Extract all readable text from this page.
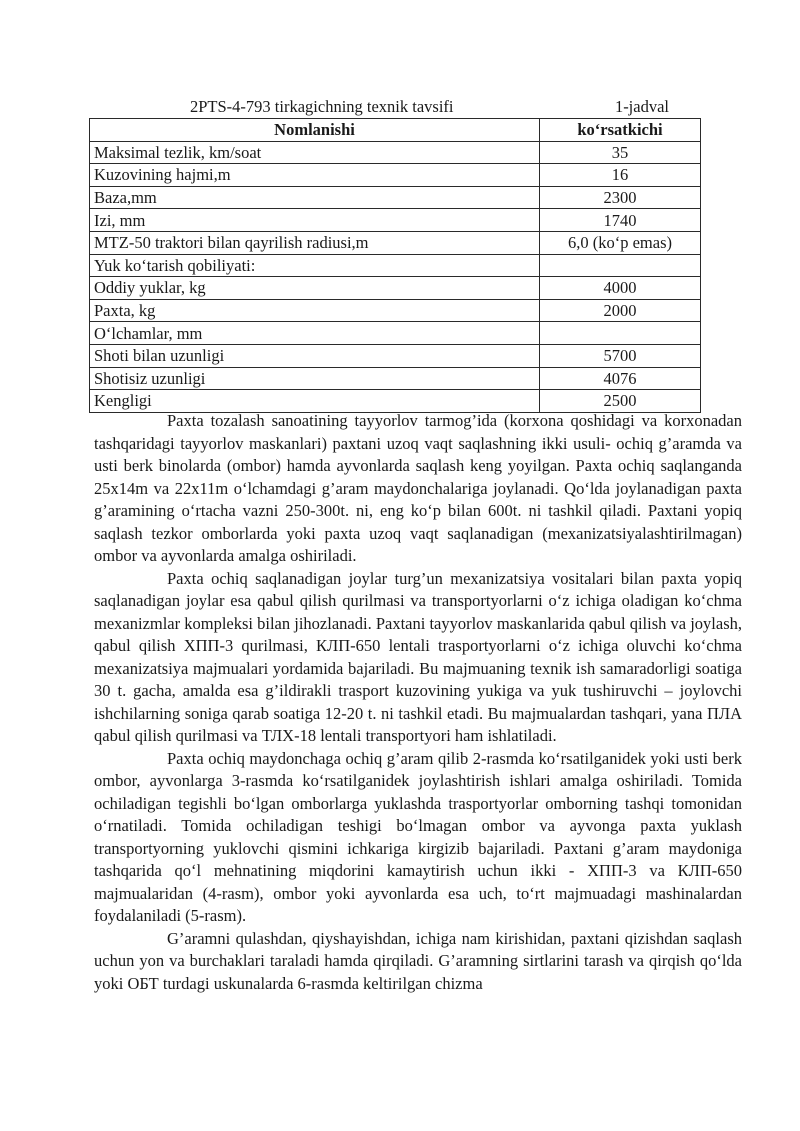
2PTS-4-793 tirkagichning texnik tavsifi	1-jadval
Nomlanishi	koʻrsatkichi
Maksimal tezlik, km/soat	35
Kuzovining hajmi,m	16
Baza,mm	2300
Izi, mm	1740
MTZ-50 traktori bilan qayrilish radiusi,m	6,0 (koʻp emas)
Yuk koʻtarish qobiliyati:	
Oddiy yuklar, kg	4000
Paxta, kg	2000
Oʻlchamlar, mm	
Shoti bilan uzunligi	5700
Shotisiz uzunligi	4076
Kengligi	2500

Paxta tozalash sanoatining tayyorlov tarmog’ida (korxona qoshidagi va korxonadan tashqaridagi tayyorlov maskanlari) paxtani uzoq vaqt saqlashning ikki usuli- ochiq g’aramda va usti berk binolarda (ombor) hamda ayvonlarda saqlash keng yoyilgan. Paxta ochiq saqlanganda 25x14m va 22x11m oʻlchamdagi g’aram maydonchalariga joylanadi. Qoʻlda joylanadigan paxta g’aramining oʻrtacha vazni 250-300t. ni, eng koʻp bilan 600t. ni tashkil qiladi. Paxtani yopiq saqlash tezkor omborlarda yoki paxta uzoq vaqt saqlanadigan (mexanizatsiyalashtirilmagan) ombor va ayvonlarda amalga oshiriladi.

Paxta ochiq saqlanadigan joylar turg’un mexanizatsiya vositalari bilan paxta yopiq saqlanadigan joylar esa qabul qilish qurilmasi va transportyorlarni oʻz ichiga oladigan koʻchma mexanizmlar kompleksi bilan jihozlanadi. Paxtani tayyorlov maskanlarida qabul qilish va joylash, qabul qilish ХПП-3 qurilmasi, КЛП-650 lentali trasportyorlarni oʻz ichiga oluvchi koʻchma mexanizatsiya majmualari yordamida bajariladi. Bu majmuaning texnik ish samaradorligi soatiga 30 t. gacha, amalda esa g’ildirakli trasport kuzovining yukiga va yuk tushiruvchi – joylovchi ishchilarning soniga qarab soatiga 12-20 t. ni tashkil etadi. Bu majmualardan tashqari, yana ПЛА qabul qilish qurilmasi va ТЛХ-18 lentali transportyori ham ishlatiladi.

Paxta ochiq maydonchaga ochiq g’aram qilib 2-rasmda koʻrsatilganidek yoki usti berk ombor, ayvonlarga 3-rasmda koʻrsatilganidek joylashtirish ishlari amalga oshiriladi. Tomida ochiladigan tegishli boʻlgan omborlarga yuklashda trasportyorlar omborning tashqi tomonidan oʻrnatiladi. Tomida ochiladigan teshigi boʻlmagan ombor va ayvonga paxta yuklash transportyorning yuklovchi qismini ichkariga kirgizib bajariladi. Paxtani g’aram maydoniga tashqarida qoʻl mehnatining miqdorini kamaytirish uchun ikki - ХПП-3 va КЛП-650 majmualaridan (4-rasm), ombor yoki ayvonlarda esa uch, toʻrt majmuadagi mashinalardan foydalaniladi (5-rasm).

G’aramni qulashdan, qiyshayishdan, ichiga nam kirishidan, paxtani qizishdan saqlash uchun yon va burchaklari taraladi hamda qirqiladi. G’aramning sirtlarini tarash va qirqish qoʻlda yoki ОБТ turdagi uskunalarda 6-rasmda keltirilgan chizma
